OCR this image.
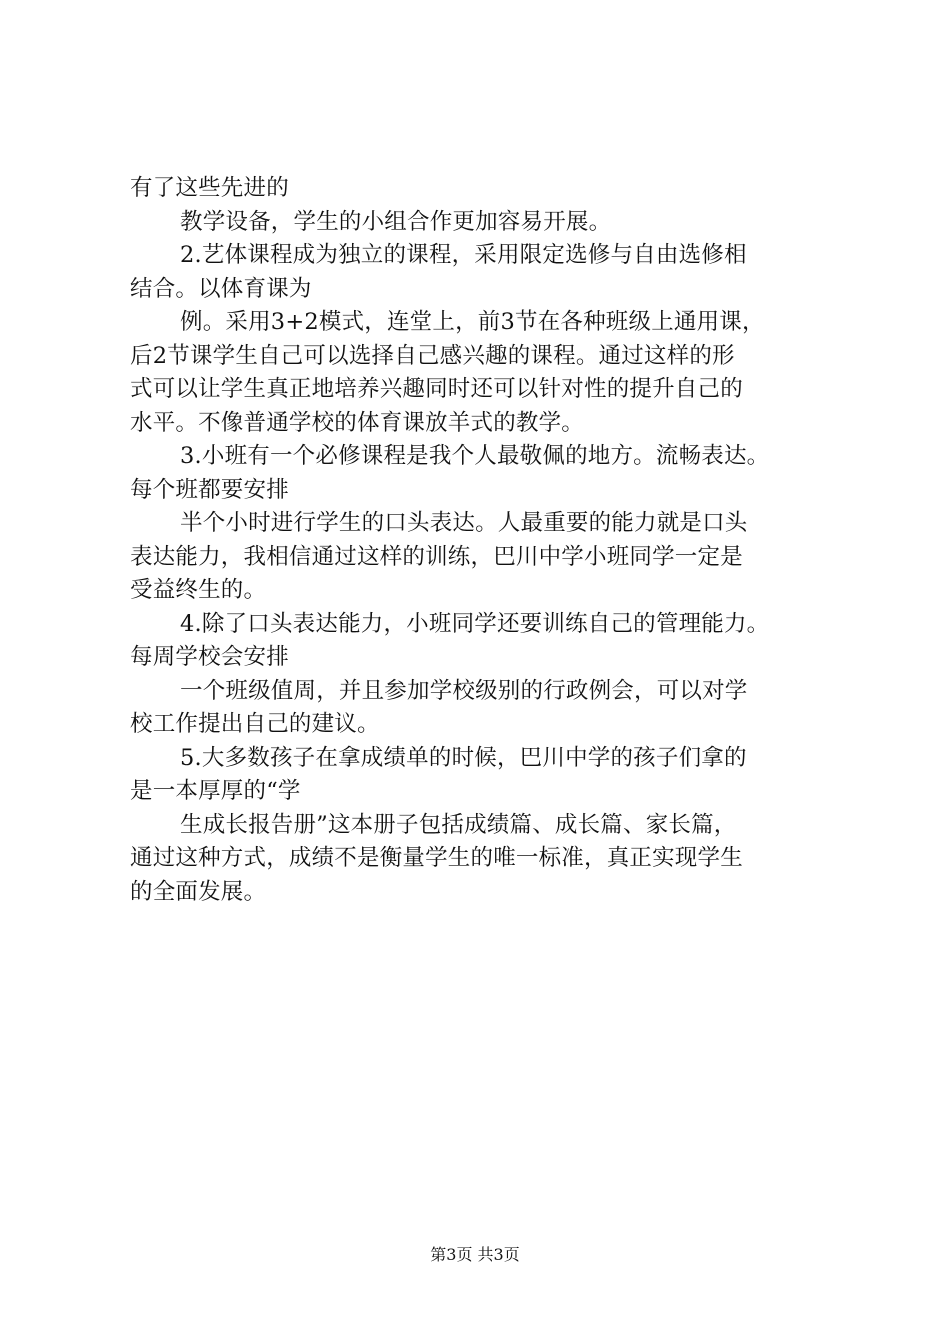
有了这些先进的
教学设备，学生的小组合作更加容易开展。
2.艺体课程成为独立的课程，采用限定选修与自由选修相
结合。以体育课为
例。采用3+2模式，连堂上，前3节在各种班级上通用课，
后2节课学生自己可以选择自己感兴趣的课程。通过这样的形
式可以让学生真正地培养兴趣同时还可以针对性的提升自己的
水平。不像普通学校的体育课放羊式的教学。
3.小班有一个必修课程是我个人最敬佩的地方。流畅表达。
每个班都要安排
半个小时进行学生的口头表达。人最重要的能力就是口头
表达能力，我相信通过这样的训练，巴川中学小班同学一定是
受益终生的。
4.除了口头表达能力，小班同学还要训练自己的管理能力。
每周学校会安排
一个班级值周，并且参加学校级别的行政例会，可以对学
校工作提出自己的建议。
5.大多数孩子在拿成绩单的时候，巴川中学的孩子们拿的
是一本厚厚的“学
生成长报告册”这本册子包括成绩篇、成长篇、家长篇，
通过这种方式，成绩不是衡量学生的唯一标准，真正实现学生
的全面发展。
第3页 共3页
